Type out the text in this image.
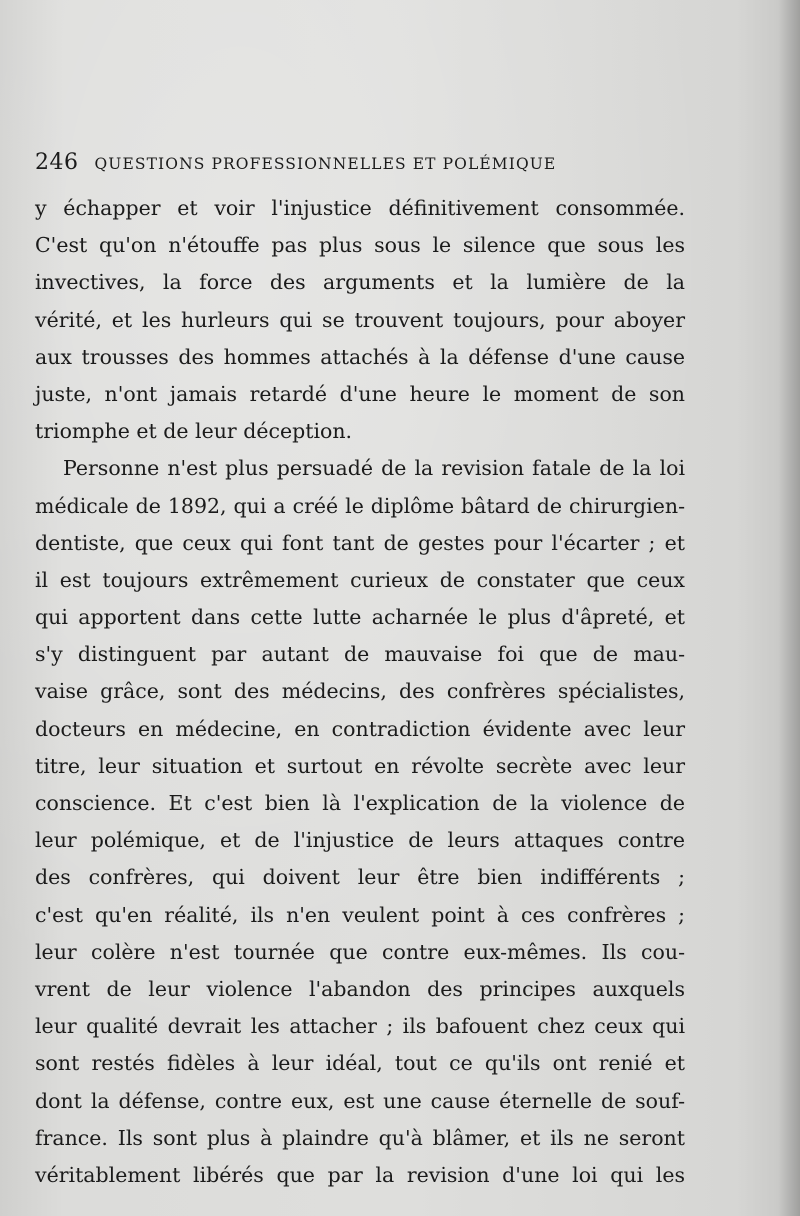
246 QUESTIONS PROFESSIONNELLES ET POLÉMIQUE
y échapper et voir l'injustice définitivement consommée.
C'est qu'on n'étouffe pas plus sous le silence que sous les
invectives, la force des arguments et la lumière de la
vérité, et les hurleurs qui se trouvent toujours, pour aboyer
aux trousses des hommes attachés à la défense d'une cause
juste, n'ont jamais retardé d'une heure le moment de son
triomphe et de leur déception.
Personne n'est plus persuadé de la revision fatale de la loi
médicale de 1892, qui a créé le diplôme bâtard de chirurgien-
dentiste, que ceux qui font tant de gestes pour l'écarter ; et
il est toujours extrêmement curieux de constater que ceux
qui apportent dans cette lutte acharnée le plus d'âpreté, et
s'y distinguent par autant de mauvaise foi que de mau-
vaise grâce, sont des médecins, des confrères spécialistes,
docteurs en médecine, en contradiction évidente avec leur
titre, leur situation et surtout en révolte secrète avec leur
conscience. Et c'est bien là l'explication de la violence de
leur polémique, et de l'injustice de leurs attaques contre
des confrères, qui doivent leur être bien indifférents ;
c'est qu'en réalité, ils n'en veulent point à ces confrères ;
leur colère n'est tournée que contre eux-mêmes. Ils cou-
vrent de leur violence l'abandon des principes auxquels
leur qualité devrait les attacher ; ils bafouent chez ceux qui
sont restés fidèles à leur idéal, tout ce qu'ils ont renié et
dont la défense, contre eux, est une cause éternelle de souf-
france. Ils sont plus à plaindre qu'à blâmer, et ils ne seront
véritablement libérés que par la revision d'une loi qui les
